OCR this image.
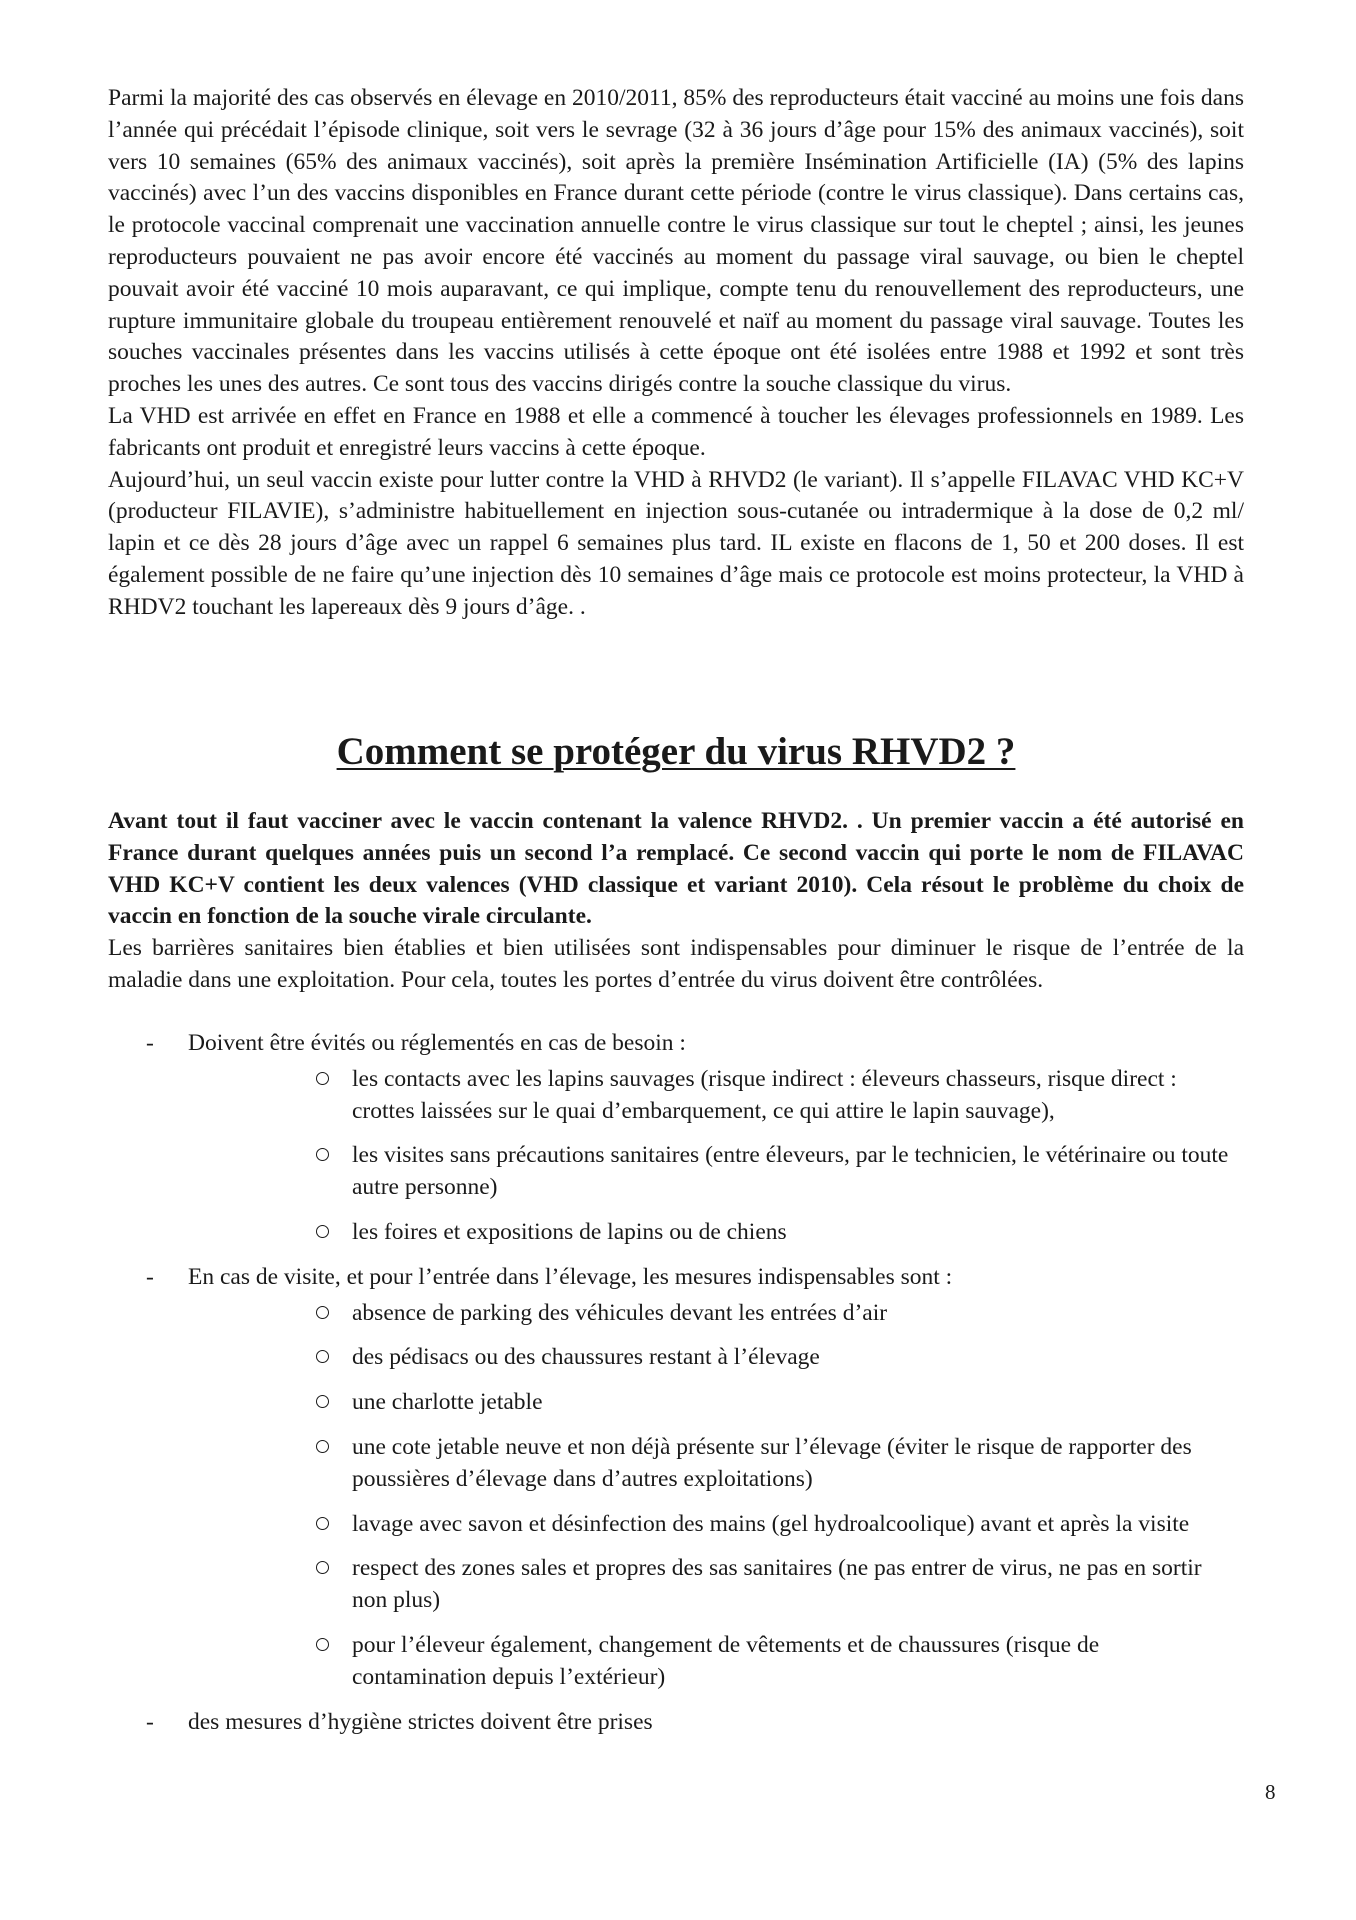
Parmi la majorité des cas observés en élevage en 2010/2011, 85% des reproducteurs était vacciné au moins une fois dans l’année qui précédait l’épisode clinique, soit vers le sevrage (32 à 36 jours d’âge pour 15% des animaux vaccinés), soit vers 10 semaines (65% des animaux vaccinés), soit après la première Insémination Artificielle (IA) (5% des lapins vaccinés) avec l’un des vaccins disponibles en France durant cette période (contre le virus classique). Dans certains cas, le protocole vaccinal comprenait une vaccination annuelle contre le virus classique sur tout le cheptel ; ainsi, les jeunes reproducteurs pouvaient ne pas avoir encore été vaccinés au moment du passage viral sauvage, ou bien le cheptel pouvait avoir été vacciné 10 mois auparavant, ce qui implique, compte tenu du renouvellement des reproducteurs, une rupture immunitaire globale du troupeau entièrement renouvelé et naïf au moment du passage viral sauvage. Toutes les souches vaccinales présentes dans les vaccins utilisés à cette époque ont été isolées entre 1988 et 1992 et sont très proches les unes des autres. Ce sont tous des vaccins dirigés contre la souche classique du virus.

La VHD est arrivée en effet en France en 1988 et elle a commencé à toucher les élevages professionnels en 1989. Les fabricants ont produit et enregistré leurs vaccins à cette époque.

Aujourd’hui, un seul vaccin existe pour lutter contre la VHD à RHVD2 (le variant). Il s’appelle FILAVAC VHD KC+V (producteur FILAVIE), s’administre habituellement en injection sous-cutanée ou intradermique à la dose de 0,2 ml/ lapin et ce dès 28 jours d’âge avec un rappel 6 semaines plus tard. IL existe en flacons de 1, 50 et 200 doses. Il est également possible de ne faire qu’une injection dès 10 semaines d’âge mais ce protocole est moins protecteur, la VHD à RHDV2 touchant les lapereaux dès 9 jours d’âge. .

Comment se protéger du virus RHVD2 ?

Avant tout il faut vacciner avec le vaccin contenant la valence RHVD2. . Un premier vaccin a été autorisé en France durant quelques années puis un second l’a remplacé. Ce second vaccin qui porte le nom de FILAVAC VHD KC+V contient les deux valences (VHD classique et variant 2010). Cela résout le problème du choix de vaccin en fonction de la souche virale circulante.

Les barrières sanitaires bien établies et bien utilisées sont indispensables pour diminuer le risque de l’entrée de la maladie dans une exploitation. Pour cela, toutes les portes d’entrée du virus doivent être contrôlées.

- Doivent être évités ou réglementés en cas de besoin :
les contacts avec les lapins sauvages (risque indirect : éleveurs chasseurs, risque direct : crottes laissées sur le quai d’embarquement, ce qui attire le lapin sauvage),
les visites sans précautions sanitaires (entre éleveurs, par le technicien, le vétérinaire ou toute autre personne)
les foires et expositions de lapins ou de chiens
- En cas de visite, et pour l’entrée dans l’élevage, les mesures indispensables sont :
absence de parking des véhicules devant les entrées d’air
des pédisacs ou des chaussures restant à l’élevage
une charlotte jetable
une cote jetable neuve et non déjà présente sur l’élevage (éviter le risque de rapporter des poussières d’élevage dans d’autres exploitations)
lavage avec savon et désinfection des mains (gel hydroalcoolique) avant et après la visite
respect des zones sales et propres des sas sanitaires (ne pas entrer de virus, ne pas en sortir non plus)
pour l’éleveur également, changement de vêtements et de chaussures (risque de contamination depuis l’extérieur)
- des mesures d’hygiène strictes doivent être prises
8
